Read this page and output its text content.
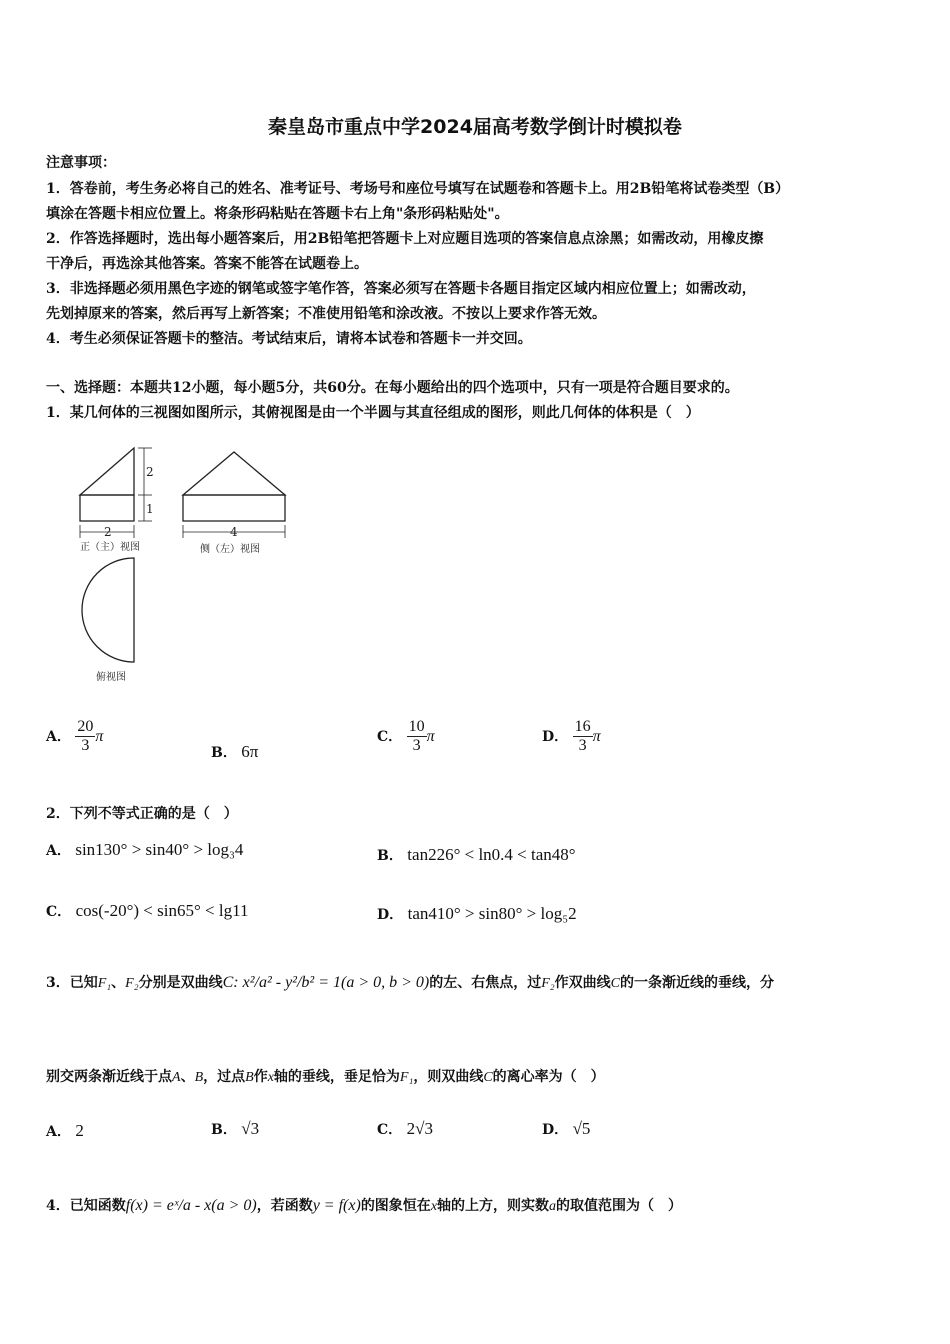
秦皇岛市重点中学2024届高考数学倒计时模拟卷
注意事项：
1．答卷前，考生务必将自己的姓名、准考证号、考场号和座位号填写在试题卷和答题卡上。用2B铅笔将试卷类型（B）
填涂在答题卡相应位置上。将条形码粘贴在答题卡右上角"条形码粘贴处"。
2．作答选择题时，选出每小题答案后，用2B铅笔把答题卡上对应题目选项的答案信息点涂黑；如需改动，用橡皮擦
干净后，再选涂其他答案。答案不能答在试题卷上。
3．非选择题必须用黑色字迹的钢笔或签字笔作答，答案必须写在答题卡各题目指定区域内相应位置上；如需改动，
先划掉原来的答案，然后再写上新答案；不准使用铅笔和涂改液。不按以上要求作答无效。
4．考生必须保证答题卡的整洁。考试结束后，请将本试卷和答题卡一并交回。
一、选择题：本题共12小题，每小题5分，共60分。在每小题给出的四个选项中，只有一项是符合题目要求的。
1．某几何体的三视图如图所示，其俯视图是由一个半圆与其直径组成的图形，则此几何体的体积是（　）
2
1
2
正（主）视图
4
侧（左）视图
俯视图
A． $\frac{20}{3}$ π
B． 6π
C． $\frac{10}{3}$ π	D． $\frac{16}{3}$ π
2．下列不等式正确的是（　）
A． sin130° > sin40° > log₃4	B． tan226° < ln0.4 < tan48°
C． cos(-20°) < sin65° < lg11	D． tan410° > sin80° > log₅2
3．已知F₁、F₂分别是双曲线C: x²/a² - y²/b² = 1(a > 0, b > 0)的左、右焦点，过F₂作双曲线C的一条渐近线的垂线，分
别交两条渐近线于点A、B，过点B作x轴的垂线，垂足恰为F₁，则双曲线C的离心率为（　）
A． 2	B． √3	C． 2√3	D． √5
4．已知函数f(x) = eˣ/a - x(a > 0)，若函数y = f(x)的图象恒在x轴的上方，则实数a的取值范围为（　）
